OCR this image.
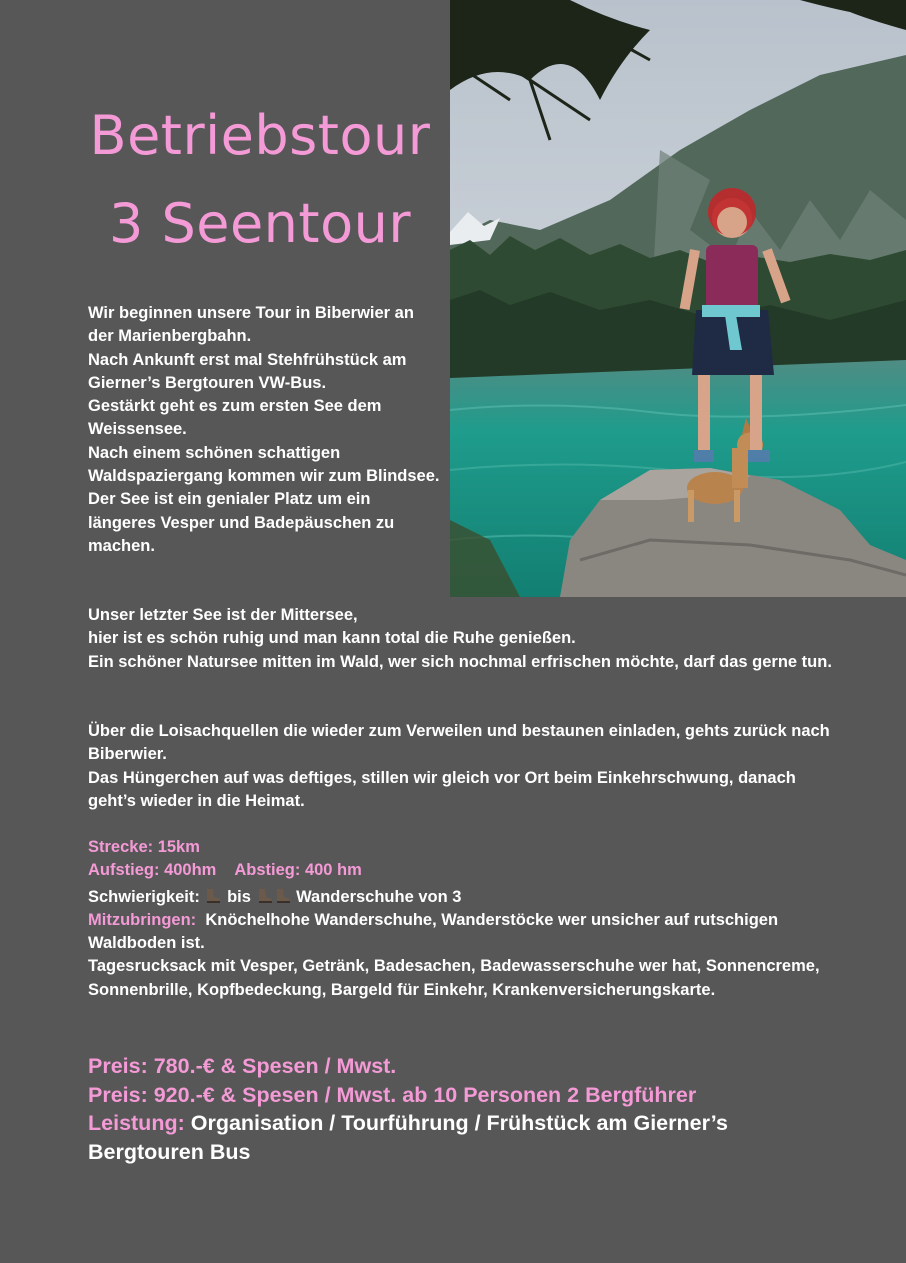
Betriebstour
3 Seentour

Wir beginnen unsere Tour in Biberwier an der Marienbergbahn.

Nach Ankunft erst mal Stehfrühstück am Gierner’s Bergtouren VW-Bus.

Gestärkt geht es zum ersten See dem Weissensee.

Nach einem schönen schattigen Waldspaziergang kommen wir zum Blindsee.

Der See ist ein genialer Platz um ein längeres Vesper und Badepäuschen zu machen.

Unser letzter See ist der Mittersee,

hier ist es schön ruhig und man kann total die Ruhe genießen.

Ein schöner Natursee mitten im Wald, wer sich nochmal erfrischen möchte, darf das gerne tun.

Über die Loisachquellen die wieder zum Verweilen und bestaunen einladen, gehts zurück nach Biberwier.

Das Hüngerchen auf was deftiges, stillen wir gleich vor Ort beim Einkehrschwung, danach geht’s wieder in die Heimat.

Strecke: 15km

Aufstieg: 400hm Abstieg: 400 hm

Schwierigkeit: bis	Wanderschuhe von 3

Mitzubringen: Knöchelhohe Wanderschuhe, Wanderstöcke wer unsicher auf rutschigen Waldboden ist.

Tagesrucksack mit Vesper, Getränk, Badesachen, Badewasserschuhe wer hat, Sonnencreme, Sonnenbrille, Kopfbedeckung, Bargeld für Einkehr, Krankenversicherungskarte.

Preis: 780.-€ & Spesen / Mwst.

Preis: 920.-€ & Spesen / Mwst. ab 10 Personen 2 Bergführer

Leistung: Organisation / Tourführung / Frühstück am Gierner’s Bergtouren Bus
